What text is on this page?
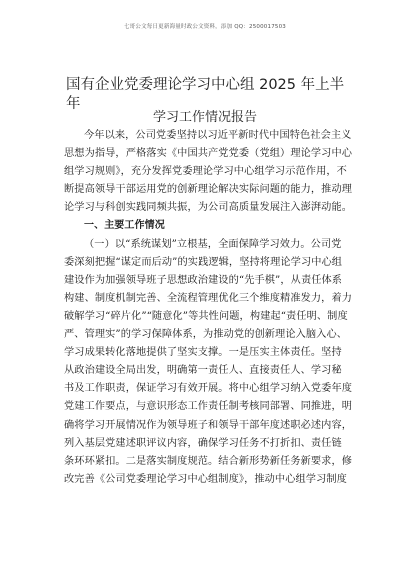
七哥公文每日更新海量时政公文资料，添加 QQ：2500017503
国有企业党委理论学习中心组 2025 年上半年
学习工作情况报告
今年以来，公司党委坚持以习近平新时代中国特色社会主义
思想为指导，严格落实《中国共产党党委（党组）理论学习中心
组学习规则》，充分发挥党委理论学习中心组学习示范作用，不
断提高领导干部运用党的创新理论解决实际问题的能力，推动理
论学习与科创实践同频共振，为公司高质量发展注入澎湃动能。
一、主要工作情况
（一）以“系统谋划”立根基，全面保障学习效力。公司党
委深刻把握“谋定而后动”的实践逻辑，坚持将理论学习中心组
建设作为加强领导班子思想政治建设的“先手棋”，从责任体系
构建、制度机制完善、全流程管理优化三个维度精准发力，着力
破解学习“碎片化”“随意化”等共性问题，构建起“责任明、制度
严、管理实”的学习保障体系，为推动党的创新理论入脑入心、
学习成果转化落地提供了坚实支撑。一是压实主体责任。坚持
从政治建设全局出发，明确第一责任人、直接责任人、学习秘
书及工作职责，保证学习有效开展。将中心组学习纳入党委年度
党建工作要点，与意识形态工作责任制考核同部署、同推进，明
确将学习开展情况作为领导班子和领导干部年度述职必述内容，
列入基层党建述职评议内容，确保学习任务不打折扣、责任链
条环环紧扣。二是落实制度规范。结合新形势新任务新要求，修
改完善《公司党委理论学习中心组制度》，推动中心组学习制度
